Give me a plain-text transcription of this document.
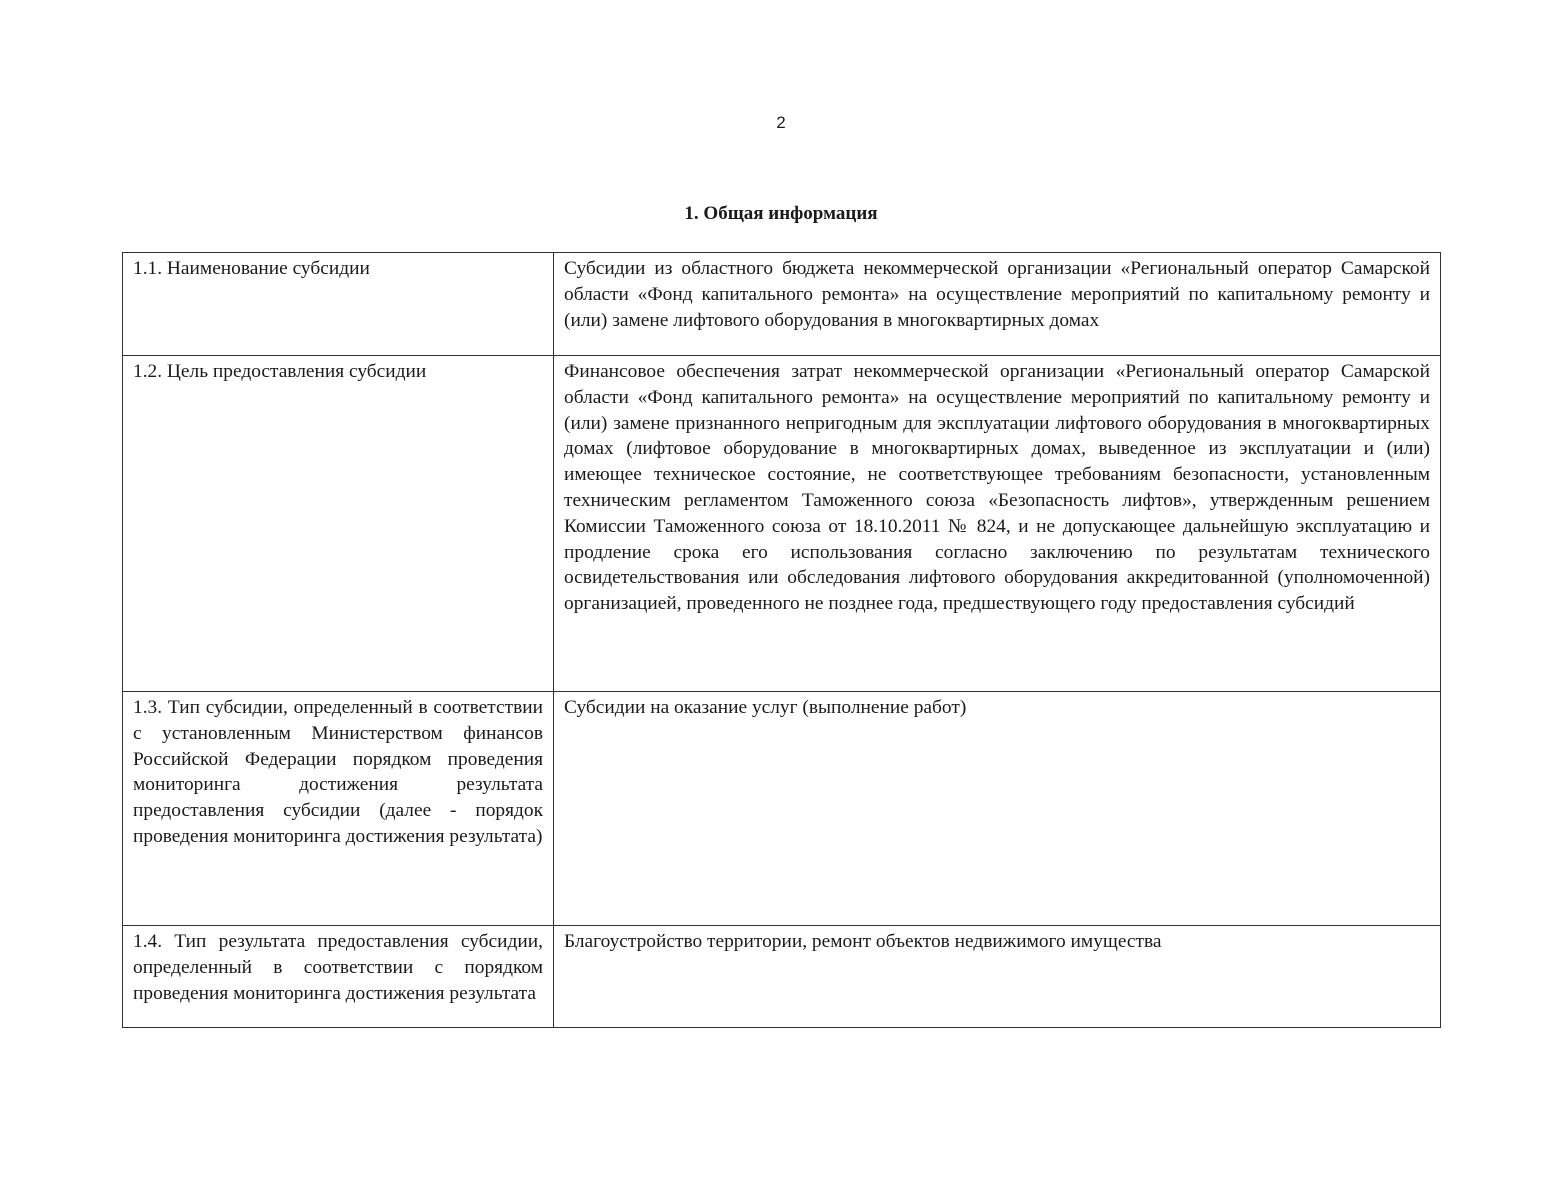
2
1. Общая информация
1.1. Наименование субсидии	Субсидии из областного бюджета некоммерческой организации «Региональный оператор Самарской области «Фонд капитального ремонта» на осуществление мероприятий по капитальному ремонту и (или) замене лифтового оборудования в многоквартирных домах
1.2. Цель предоставления субсидии	Финансовое обеспечения затрат некоммерческой организации «Региональный оператор Самарской области «Фонд капитального ремонта» на осуществление мероприятий по капитальному ремонту и (или) замене признанного непригодным для эксплуатации лифтового оборудования в многоквартирных домах (лифтовое оборудование в многоквартирных домах, выведенное из эксплуатации и (или) имеющее техническое состояние, не соответствующее требованиям безопасности, установленным техническим регламентом Таможенного союза «Безопасность лифтов», утвержденным решением Комиссии Таможенного союза от 18.10.2011 № 824, и не допускающее дальнейшую эксплуатацию и продление срока его использования согласно заключению по результатам технического освидетельствования или обследования лифтового оборудования аккредитованной (уполномоченной) организацией, проведенного не позднее года, предшествующего году предоставления субсидий
1.3. Тип субсидии, определенный в соответствии с установленным Министерством финансов Российской Федерации порядком проведения мониторинга достижения результата предоставления субсидии (далее - порядок проведения мониторинга достижения результата)	Субсидии на оказание услуг (выполнение работ)
1.4. Тип результата предоставления субсидии, определенный в соответствии с порядком проведения мониторинга достижения результата	Благоустройство территории, ремонт объектов недвижимого имущества
